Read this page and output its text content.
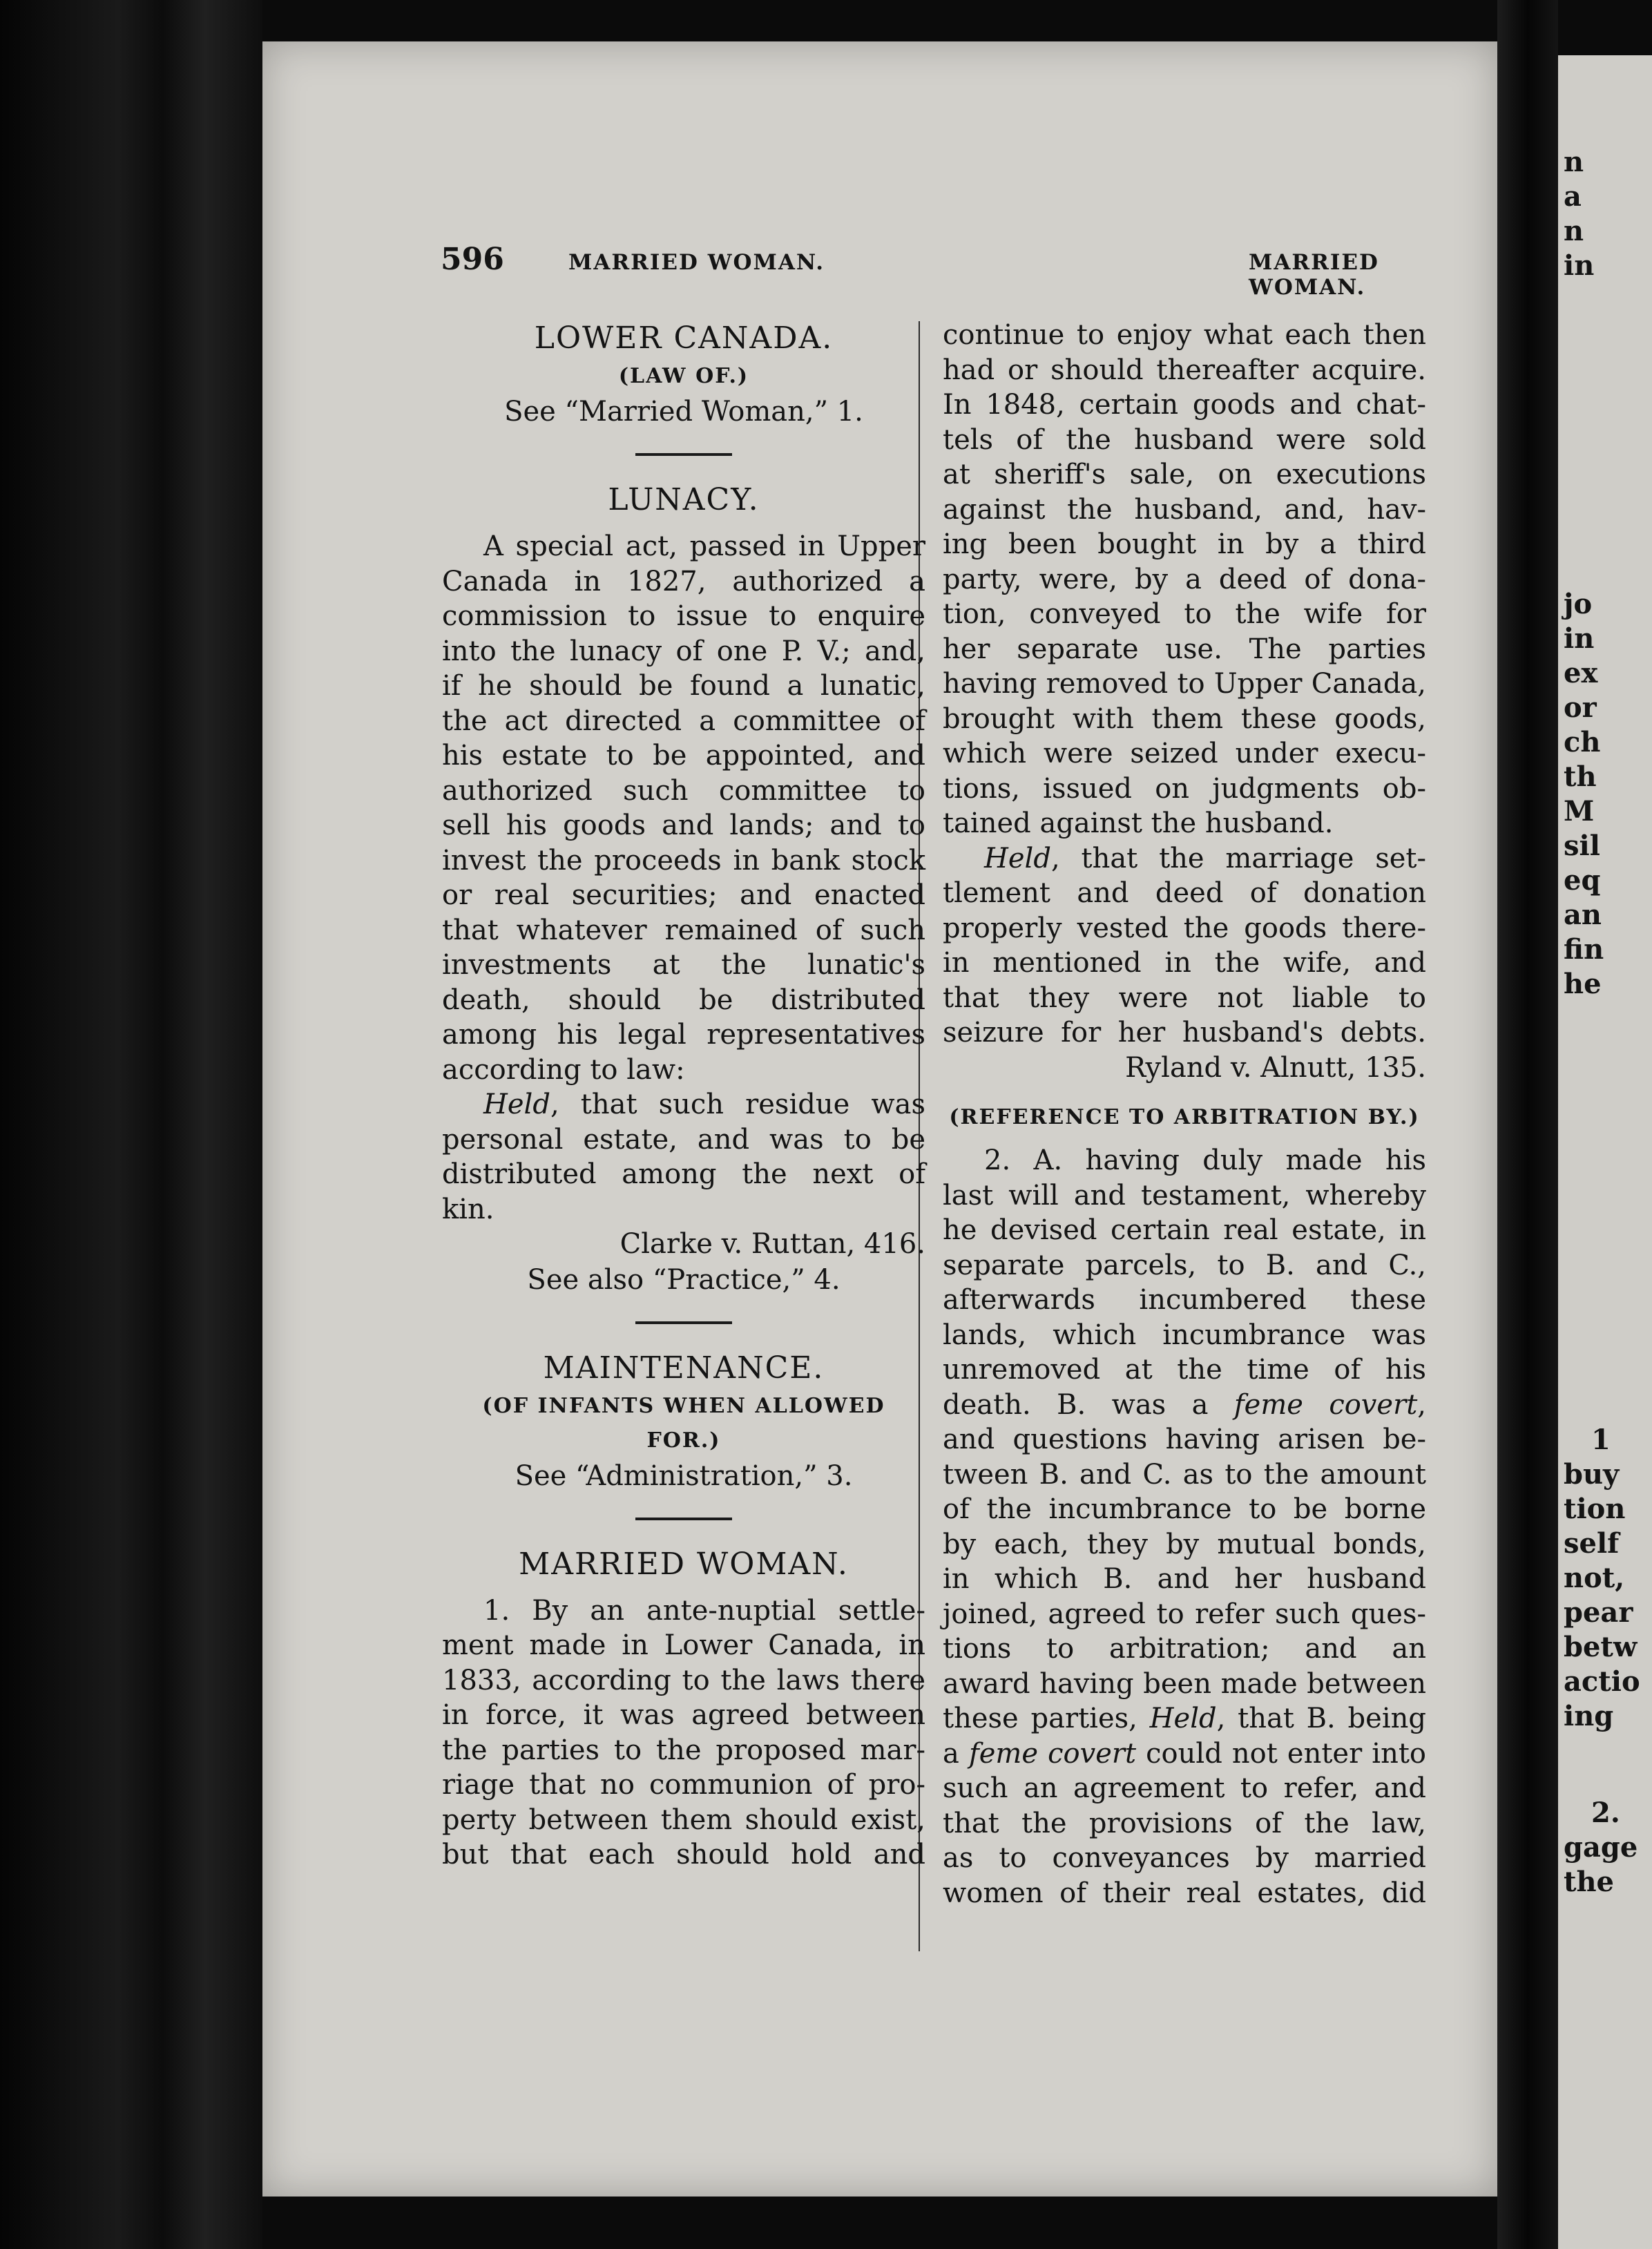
596	MARRIED WOMAN.	MARRIED WOMAN.
LOWER CANADA.
(LAW OF.)
See “Married Woman,” 1.
LUNACY.
A special act, passed in Upper
Canada in 1827, authorized a
commission to issue to enquire
into the lunacy of one P. V.; and,
if he should be found a lunatic,
the act directed a committee of
his estate to be appointed, and
authorized such committee to
sell his goods and lands; and to
invest the proceeds in bank stock
or real securities; and enacted
that whatever remained of such
investments at the lunatic's
death, should be distributed
among his legal representatives
according to law:
Held, that such residue was
personal estate, and was to be
distributed among the next of
kin.
Clarke v. Ruttan, 416.
See also “Practice,” 4.
MAINTENANCE.
(OF INFANTS WHEN ALLOWED FOR.)
See “Administration,” 3.
MARRIED WOMAN.
1. By an ante-nuptial settle-
ment made in Lower Canada, in
1833, according to the laws there
in force, it was agreed between
the parties to the proposed mar-
riage that no communion of pro-
perty between them should exist,
but that each should hold and
continue to enjoy what each then
had or should thereafter acquire.
In 1848, certain goods and chat-
tels of the husband were sold
at sheriff's sale, on executions
against the husband, and, hav-
ing been bought in by a third
party, were, by a deed of dona-
tion, conveyed to the wife for
her separate use. The parties
having removed to Upper Canada,
brought with them these goods,
which were seized under execu-
tions, issued on judgments ob-
tained against the husband.
Held, that the marriage set-
tlement and deed of donation
properly vested the goods there-
in mentioned in the wife, and
that they were not liable to
seizure for her husband's debts.
Ryland v. Alnutt, 135.
(REFERENCE TO ARBITRATION BY.)
2. A. having duly made his
last will and testament, whereby
he devised certain real estate, in
separate parcels, to B. and C.,
afterwards incumbered these
lands, which incumbrance was
unremoved at the time of his
death. B. was a feme covert,
and questions having arisen be-
tween B. and C. as to the amount
of the incumbrance to be borne
by each, they by mutual bonds,
in which B. and her husband
joined, agreed to refer such ques-
tions to arbitration; and an
award having been made between
these parties, Held, that B. being
a feme covert could not enter into
such an agreement to refer, and
that the provisions of the law,
as to conveyances by married
women of their real estates, did
n
a
n
in
jo
in
ex
or
ch
th
M
sil
eq
an
fin
he
1
buy
tion
self
not,
pear
betw
actio
ing
2.
gage
the
